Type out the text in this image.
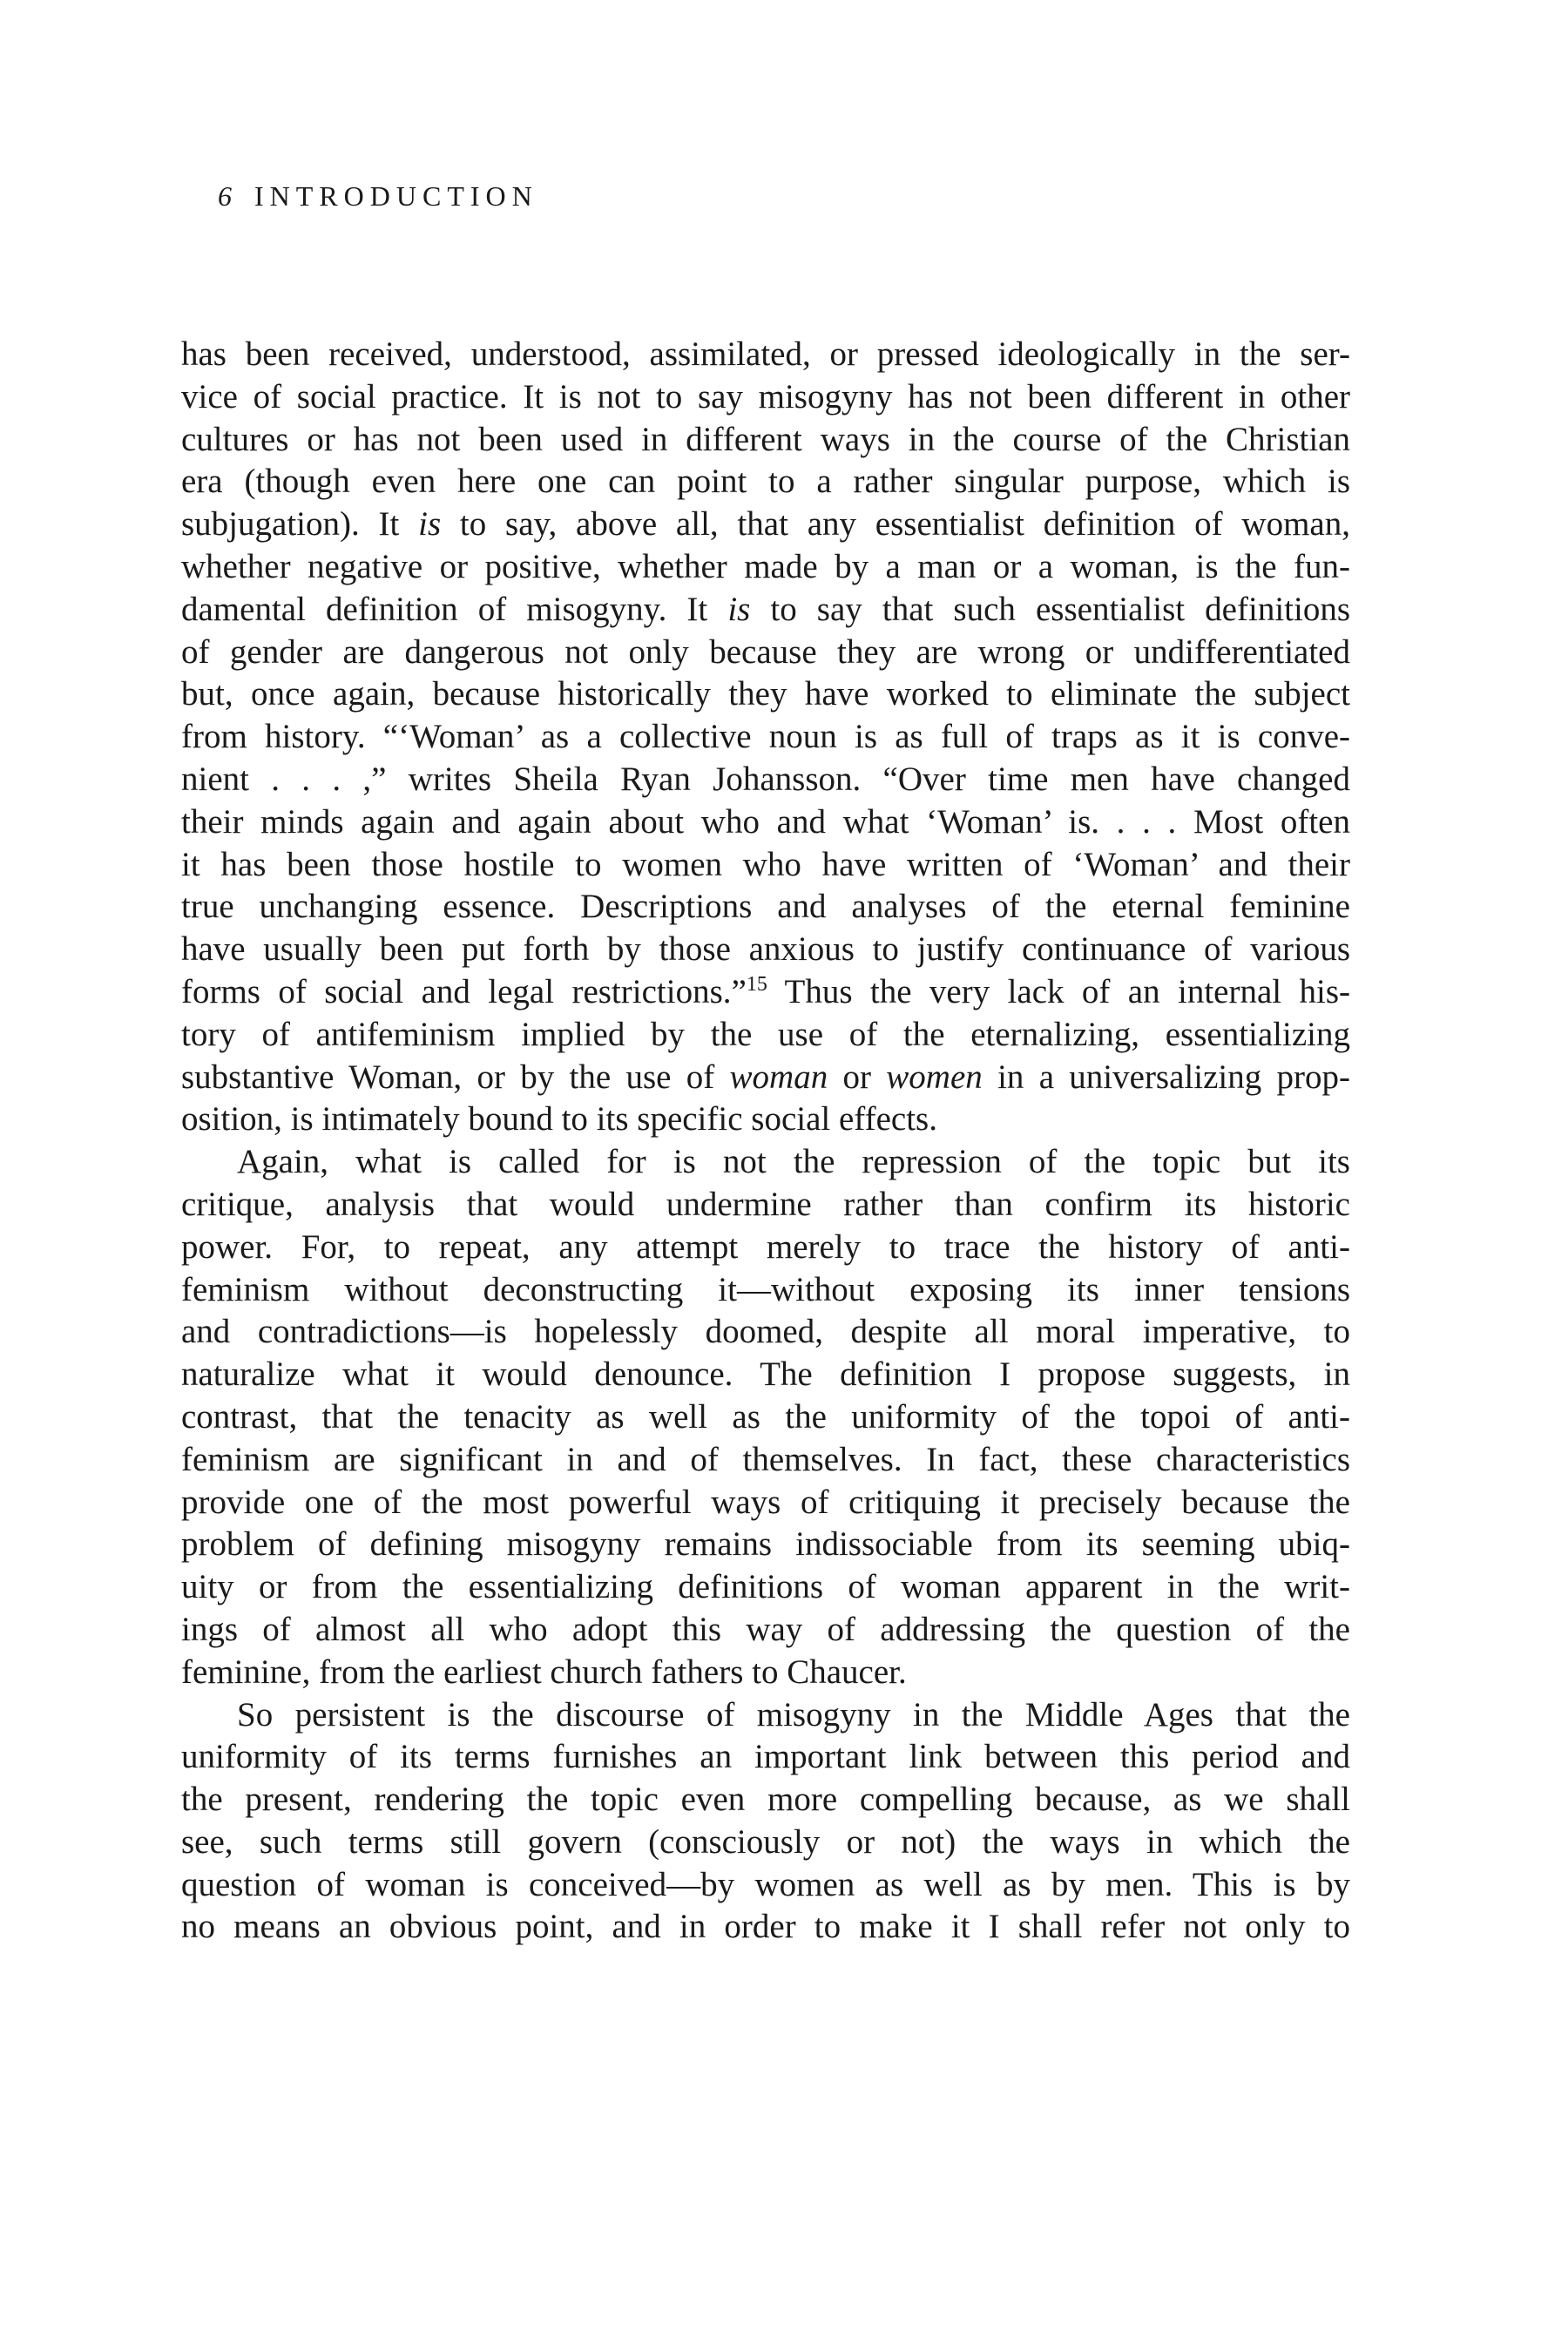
6 INTRODUCTION

has been received, understood, assimilated, or pressed ideologically in the ser-

vice of social practice. It is not to say misogyny has not been different in other

cultures or has not been used in different ways in the course of the Christian

era (though even here one can point to a rather singular purpose, which is

subjugation). It is to say, above all, that any essentialist definition of woman,

whether negative or positive, whether made by a man or a woman, is the fun-

damental definition of misogyny. It is to say that such essentialist definitions

of gender are dangerous not only because they are wrong or undifferentiated

but, once again, because historically they have worked to eliminate the subject

from history. “‘Woman’ as a collective noun is as full of traps as it is conve-

nient . . . ,” writes Sheila Ryan Johansson. “Over time men have changed

their minds again and again about who and what ‘Woman’ is. . . . Most often

it has been those hostile to women who have written of ‘Woman’ and their

true unchanging essence. Descriptions and analyses of the eternal feminine

have usually been put forth by those anxious to justify continuance of various

forms of social and legal restrictions.”$^{15}$ Thus the very lack of an internal his-

tory of antifeminism implied by the use of the eternalizing, essentializing

substantive Woman, or by the use of woman or women in a universalizing prop-

osition, is intimately bound to its specific social effects.

Again, what is called for is not the repression of the topic but its

critique, analysis that would undermine rather than confirm its historic

power. For, to repeat, any attempt merely to trace the history of anti-

feminism without deconstructing it—without exposing its inner tensions

and contradictions—is hopelessly doomed, despite all moral imperative, to

naturalize what it would denounce. The definition I propose suggests, in

contrast, that the tenacity as well as the uniformity of the topoi of anti-

feminism are significant in and of themselves. In fact, these characteristics

provide one of the most powerful ways of critiquing it precisely because the

problem of defining misogyny remains indissociable from its seeming ubiq-

uity or from the essentializing definitions of woman apparent in the writ-

ings of almost all who adopt this way of addressing the question of the

feminine, from the earliest church fathers to Chaucer.

So persistent is the discourse of misogyny in the Middle Ages that the

uniformity of its terms furnishes an important link between this period and

the present, rendering the topic even more compelling because, as we shall

see, such terms still govern (consciously or not) the ways in which the

question of woman is conceived—by women as well as by men. This is by

no means an obvious point, and in order to make it I shall refer not only to
